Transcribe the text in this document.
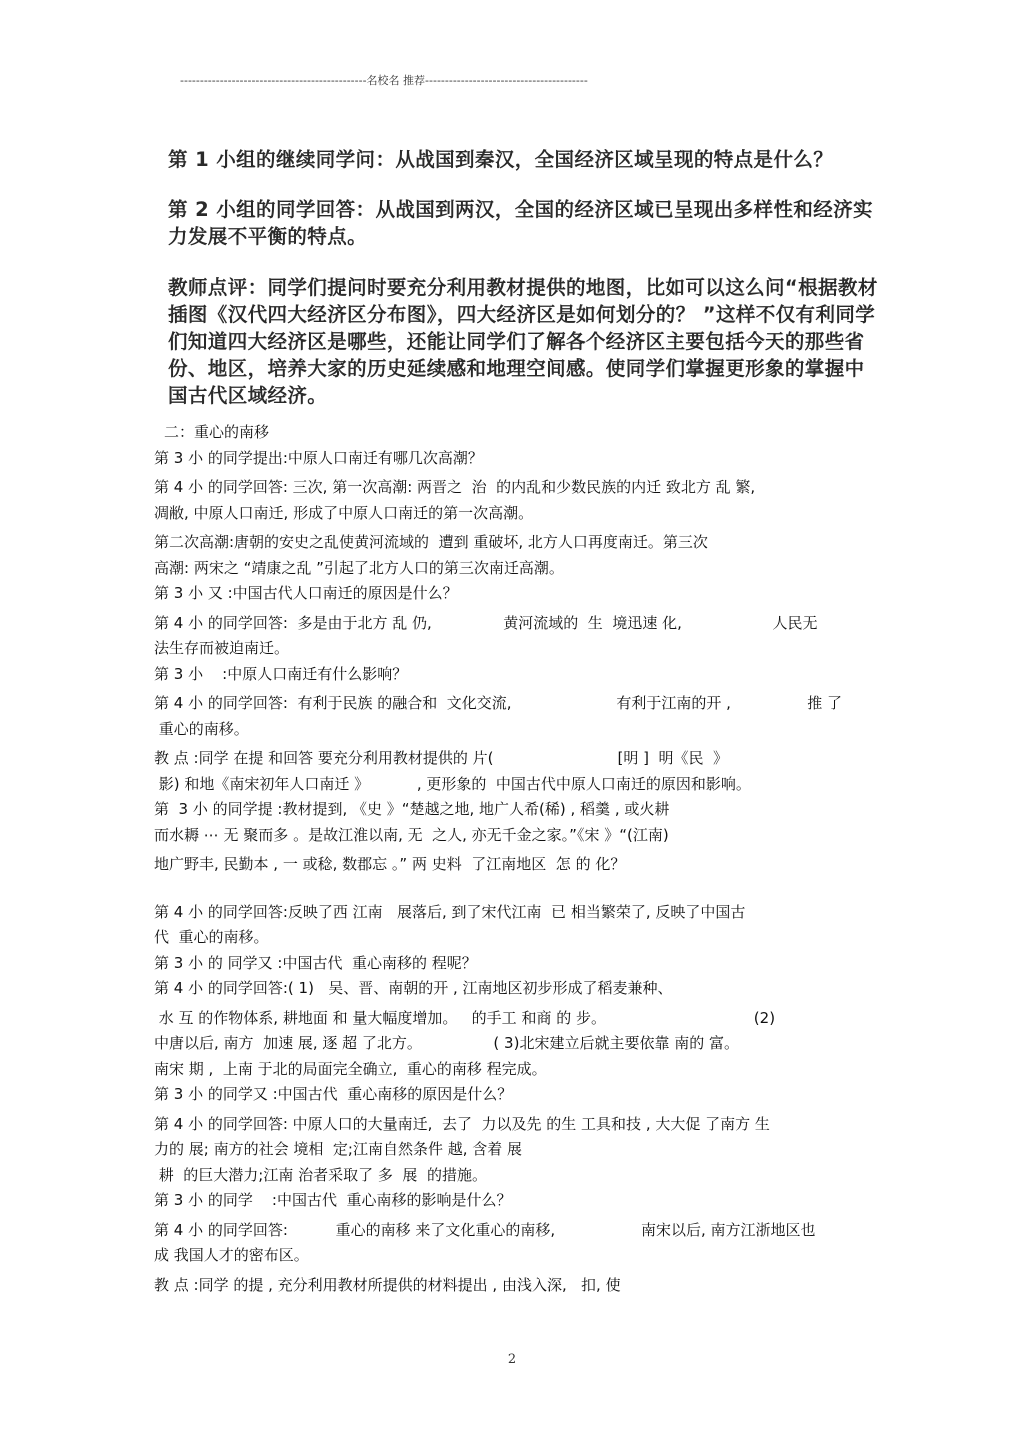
-----------------------------------------------名校名 推荐-----------------------------------------
第 1 小组的继续同学问：从战国到秦汉，全国经济区域呈现的特点是什么？
第 2 小组的同学回答：从战国到两汉，全国的经济区域已呈现出多样性和经济实力发展不平衡的特点。
教师点评：同学们提问时要充分利用教材提供的地图，比如可以这么问“根据教材插图《汉代四大经济区分布图》，四大经济区是如何划分的？ ”这样不仅有利同学们知道四大经济区是哪些，还能让同学们了解各个经济区主要包括今天的那些省份、地区，培养大家的历史延续感和地理空间感。使同学们掌握更形象的掌握中国古代区域经济。

二：重心的南移

第 3 小 的同学提出:中原人口南迁有哪几次高潮？

第 4 小 的同学回答: 三次, 第一次高潮: 两晋之  治  的内乱和少数民族的内迁 致北方 乱 繁,

凋敝, 中原人口南迁, 形成了中原人口南迁的第一次高潮。

第二次高潮:唐朝的安史之乱使黄河流域的  遭到 重破坏, 北方人口再度南迁。第三次

高潮: 两宋之 “靖康之乱 ”引起了北方人口的第三次南迁高潮。

第 3 小 又 :中国古代人口南迁的原因是什么？

第 4 小 的同学回答:  多是由于北方 乱 仍,               黄河流域的  生  境迅速 化,                   人民无

法生存而被迫南迁。

第 3 小    :中原人口南迁有什么影响？

第 4 小 的同学回答:  有利于民族 的融合和  文化交流,                      有利于江南的开 ,                推 了

重心的南移。

教 点 :同学 在提 和回答 要充分利用教材提供的 片(                          [明 ]  明《民  》

影) 和地《南宋初年人口南迁 》          , 更形象的  中国古代中原人口南迁的原因和影响。

第  3 小 的同学提 :教材提到, 《史 》“楚越之地, 地广人希(稀) , 稻羹 , 或火耕

而水耨 ⋯ 无 聚而多 。是故江淮以南, 无  之人, 亦无千金之家。”《宋 》“(江南)

地广野丰, 民勤本 , 一 或稔, 数郡忘 。” 两 史料  了江南地区  怎 的 化？

第 4 小 的同学回答:反映了西 江南   展落后, 到了宋代江南  已 相当繁荣了, 反映了中国古

代  重心的南移。

第 3 小 的 同学又 :中国古代  重心南移的 程呢？

第 4 小 的同学回答:( 1)   吴、晋、南朝的开 , 江南地区初步形成了稻麦兼种、

水 互 的作物体系, 耕地面 和 量大幅度增加。   的手工 和商 的 步。                               (2)

中唐以后, 南方  加速 展, 逐 超 了北方。               ( 3)北宋建立后就主要依靠 南的 富。

南宋 期 ,  上南 于北的局面完全确立,  重心的南移 程完成。

第 3 小 的同学又 :中国古代  重心南移的原因是什么？

第 4 小 的同学回答: 中原人口的大量南迁,  去了  力以及先 的生 工具和技 , 大大促 了南方 生

力的 展; 南方的社会 境相  定;江南自然条件 越, 含着 展

耕  的巨大潜力;江南 治者采取了 多  展  的措施。

第 3 小 的同学    :中国古代  重心南移的影响是什么？

第 4 小 的同学回答:          重心的南移 来了文化重心的南移,                  南宋以后, 南方江浙地区也

成 我国人才的密布区。

教 点 :同学 的提 , 充分利用教材所提供的材料提出 , 由浅入深,   扣, 使

2
